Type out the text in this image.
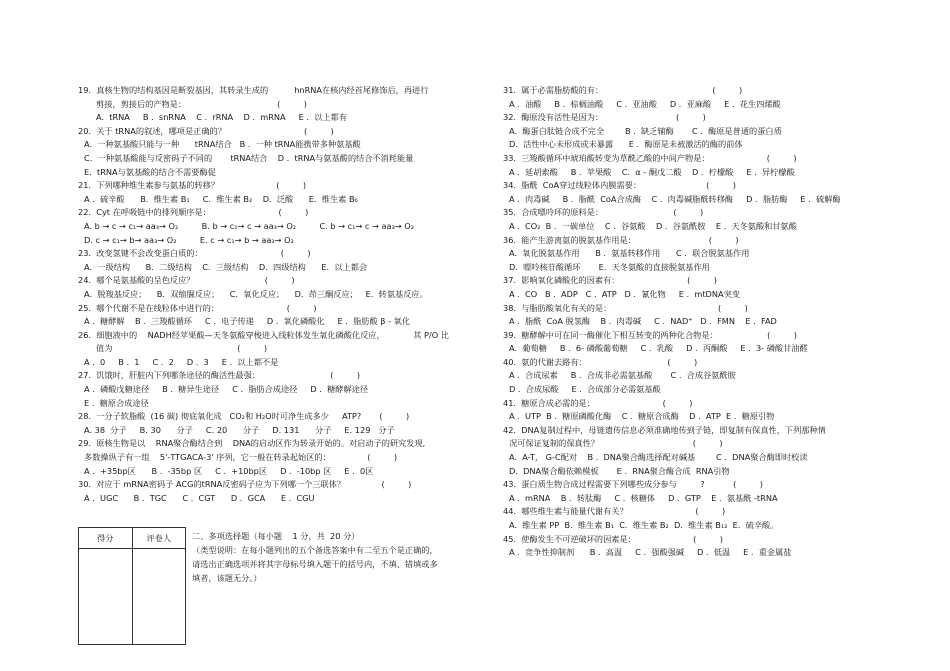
19.  真核生物的结构基因是断裂基因，其转录生成的          hnRNA在核内经首尾修饰后，再进行
剪接，剪接后的产物是：                                   (         )
A.  tRNA     B .  snRNA    C .  rRNA    D .  mRNA     E .  以上都有
20.  关于 tRNA的叙述，哪项是正确的？                              (         )
A.  一种氨基酸只能与一种      tRNA结合   B .  一种 tRNA能携带多种氨基酸
C.  一种氨基酸能与反密码子不同的       tRNA结合    D .  tRNA与氨基酸的结合不消耗能量
E.  tRNA与氨基酸的结合不需要酶促
21.  下列哪种维生素参与氨基的转移？                      (         )
A .  硫辛酸      B.  维生素 B₁     C.  维生素 B₂    D.  泛酸      E.  维生素 B₆
22.  Cyt 在呼吸链中的排列顺序是：                          (         )
A. b → c → c₁→ aa₃→ O₂         B. b → c₁→ c → aa₃→ O₂         C. b → c₁→ c → aa₃→ O₂
D. c → c₁→ b→ aa₃→ O₂         E. c → c₁→ b → aa₃→ O₂
23.  改变氢键不会改变蛋白质的：                              (         )
A.  一级结构      B.  二级结构    C.  三级结构    D.  四级结构      E.  以上都会
24.  哪个是氨基酸的呈色反应？                           (         )
A.  脱羧基反应；    B.  双缩脲反应；    C.  氧化反应；    D.  茚三酮反应；   E.  转氨基反应。
25.  哪个代谢不是在线粒体中进行的：                          (         )
A .  糖酵解    B .  三羧酸循环     C .  电子传递     D .  氧化磷酸化     E .  脂肪酸 β - 氧化
26.  细胞液中的    NADH经苹果酸—天冬氨酸穿梭进入线粒体发生氧化磷酸化反应，           其 P/O 比
值为                                                (         )
A .  0     B .  1     C .  2     D .  3     E .  以上都不是
27.  饥饿时，肝脏内下列哪条途径的酶活性最强：                           (         )
A .  磷酸戊糖途径     B .  糖异生途径     C .  脂肪合成途径     D .  糖酵解途径
E .  糖原合成途径
28.  一分子软脂酸  (16 碳) 彻底氧化成   CO₂和 H₂O时可净生成多少     ATP?       (         )
A. 38  分子     B. 30      分子     C. 20      分子     D. 131      分子     E. 129   分子
29.  原核生物是以    RNA聚合酶结合到    DNA的启动区作为转录开始的。对启动子的研究发现,
多数操纵子有一组    5'-TTGACA-3' 序列，它一般在转录起始区的：              (         )
A .  +35bp区      B .  -35bp 区     C .  +10bp区     D .  -10bp 区     E .  0区
30.  对应于 mRNA密码子 ACG的tRNA反密码子应为下列哪一个三联体？              (         )
A .  UGC      B .  TGC      C .  CGT      D .  GCA      E .  CGU
31.  属于必需脂肪酸的有：                                          (         )
A .  油酸     B .  棕榈油酸     C .  亚油酸     D .  亚麻酸     E .  花生四烯酸
32.  酶原没有活性是因为：                            (         )
A.  酶蛋白肽链合成不完全        B .  缺乏辅酶       C .  酶原是普通的蛋白质
D.  活性中心未形成或未暴露      E .  酶原是未被激活的酶的前体
33.  三羧酸循环中琥珀酸转变为草酰乙酸的中间产物是：                      (         )
A .  延胡索酸     B .  苹果酸    C.  α - 酮戊二酸    D .  柠檬酸     E .  异柠檬酸
34.  脂酰  CoA穿过线粒体内膜需要：                         (         )
A .  肉毒碱     B .  脂酰  CoA合成酶    C .  肉毒碱脂酰转移酶     D .  脂肪酶     E .  硫解酶
35.  合成嘌呤环的原料是：                           (         )
A .  CO₂  B .  一碳单位    C .  谷氨酸    D .  谷氨酰胺    E .  天冬氨酸和甘氨酸
36.  能产生游离氨的脱氨基作用是：                            (         )
A.  氧化脱氨基作用      B .  氨基转移作用      C .  联合脱氨基作用
D.  嘌呤核苷酸循环       E.  天冬氨酸的直接脱氨基作用
37.  影响氧化磷酸化的因素有：                          (         )
A .  CO   B .  ADP   C .  ATP   D .  氰化物     E .  mtDNA突变
38.  与脂肪酸氧化有关的是：                                         (         )
A .  脂酰  CoA 脱氢酶    B .  肉毒碱     C .  NAD⁺   D .  FMN    E .  FAD
39.  糖酵解中可在同一酶催化下相互转变的两种化合物是：                   (         )
A.  葡萄糖     B .  6- 磷酸葡萄糖     C .  乳酸     D .  丙酮酸     E .  3- 磷酸甘油醛
40.  氨的代谢去路有：                               (         )
A .  合成尿素     B .  合成非必需氨基酸       C .  合成谷氨酰胺
D .  合成尿酸     E .  合成部分必需氨基酸
41.  糖原合成必需的是：                          (         )
A .  UTP  B .  糖原磷酸化酶    C .  糖原合成酶    D .  ATP  E .  糖原引物
42.  DNA复制过程中，母链遗传信息必须准确地传到子链，即复制有保真性，下列那种情
况可保证复制的保真性？                                    (         )
A.  A-T， G-C配对    B .  DNA聚合酶选择配对碱基        C .  DNA聚合酶即时校读
D.  DNA聚合酶依赖模板       E .  RNA聚合酶合成  RNA引物
43.  蛋白质生物合成过程需要下列哪些成分参与         ?           (         )
A .  mRNA    B .  转肽酶     C .  核糖体     D .  GTP    E .  氨基酰 -tRNA
44.  哪些维生素与能量代谢有关？                          (         )
A.  维生素 PP  B.  维生素 B₁  C.  维生素 B₂  D.  维生素 B₁₂  E.  硫辛酸。
45.  使酶发生不可逆破坏的因素是：                      (         )
A .  竞争性抑制剂      B .  高温     C .  强酸强碱     D .  低温     E .  重金属盐
得分	评卷人	二、多项选择题（每小题    1 分，共  20 分）
（类型说明：在每小题列出的五个备选答案中有二至五个是正确的，
请选出正确选项并将其字母标号填入题干的括号内，不填、错填或多
填者，该题无分。）
